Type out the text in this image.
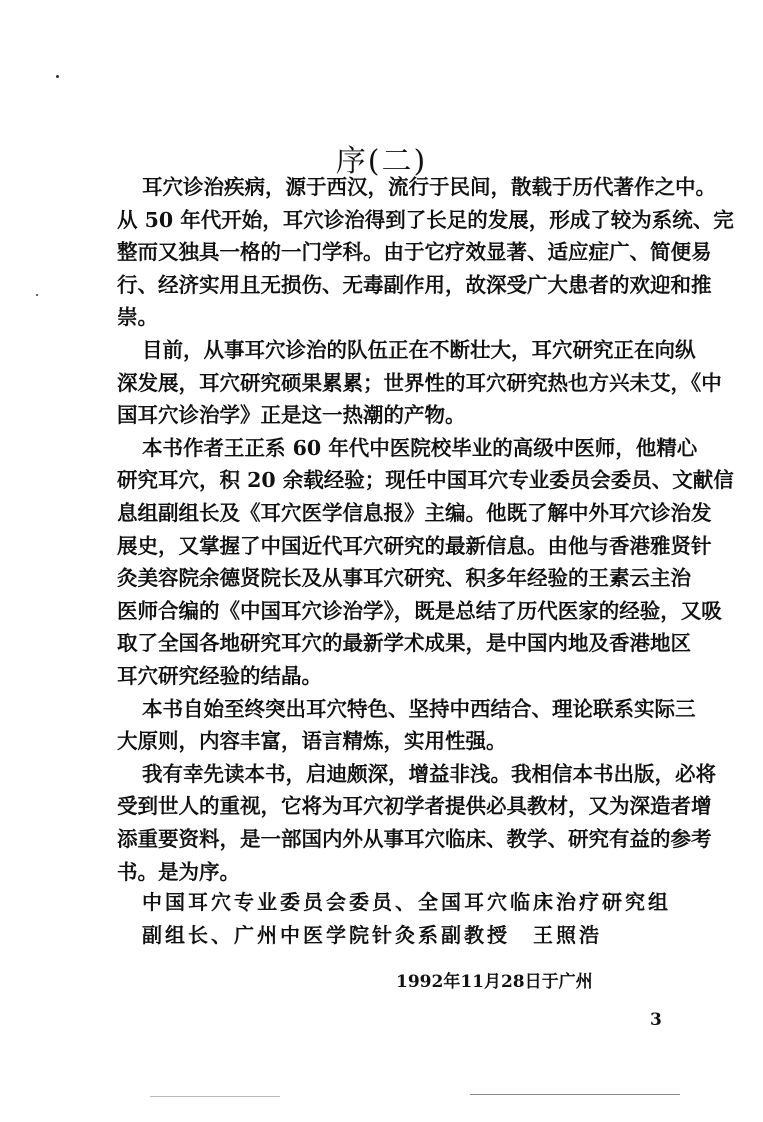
序(二)
耳穴诊治疾病，源于西汉，流行于民间，散载于历代著作之中。
从 50 年代开始，耳穴诊治得到了长足的发展，形成了较为系统、完
整而又独具一格的一门学科。由于它疗效显著、适应症广、简便易
行、经济实用且无损伤、无毒副作用，故深受广大患者的欢迎和推
崇。
目前，从事耳穴诊治的队伍正在不断壮大，耳穴研究正在向纵
深发展，耳穴研究硕果累累；世界性的耳穴研究热也方兴未艾，《中
国耳穴诊治学》正是这一热潮的产物。
本书作者王正系 60 年代中医院校毕业的高级中医师，他精心
研究耳穴，积 20 余载经验；现任中国耳穴专业委员会委员、文献信
息组副组长及《耳穴医学信息报》主编。他既了解中外耳穴诊治发
展史，又掌握了中国近代耳穴研究的最新信息。由他与香港雅贤针
灸美容院余德贤院长及从事耳穴研究、积多年经验的王素云主治
医师合编的《中国耳穴诊治学》，既是总结了历代医家的经验，又吸
取了全国各地研究耳穴的最新学术成果，是中国内地及香港地区
耳穴研究经验的结晶。
本书自始至终突出耳穴特色、坚持中西结合、理论联系实际三
大原则，内容丰富，语言精炼，实用性强。
我有幸先读本书，启迪颇深，增益非浅。我相信本书出版，必将
受到世人的重视，它将为耳穴初学者提供必具教材，又为深造者增
添重要资料，是一部国内外从事耳穴临床、教学、研究有益的参考
书。是为序。
中国耳穴专业委员会委员、全国耳穴临床治疗研究组
副组长、广州中医学院针灸系副教授　王照浩
1992年11月28日于广州
3
